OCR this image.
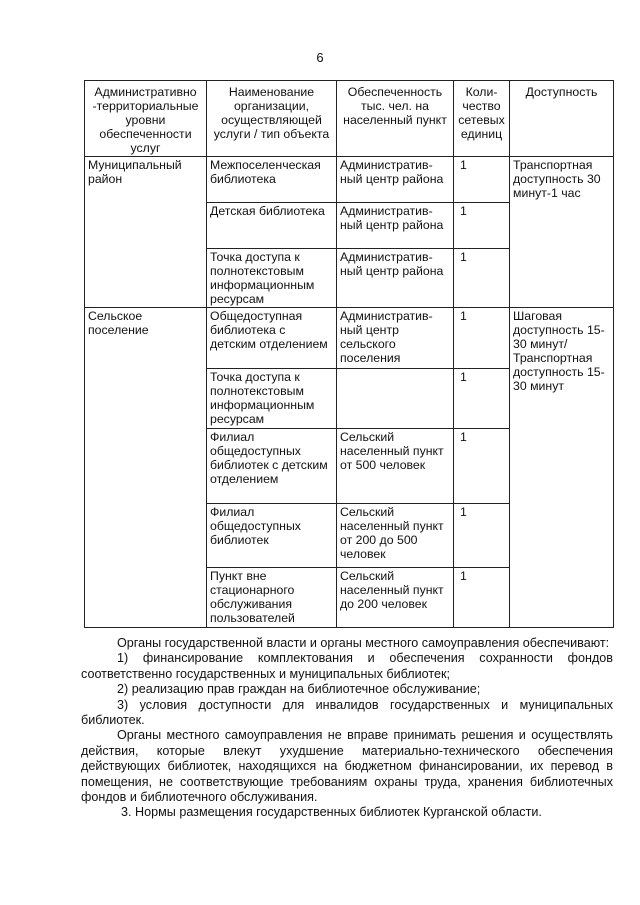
6
Административно -территориальные уровни обеспеченности услуг	Наименование организации, осуществляющей услуги / тип объекта	Обеспеченность тыс. чел. на населенный пункт	Коли-чество сетевых единиц	Доступность
Муниципальный район	Межпоселенческая библиотека	Административ-ный центр района	1	Транспортная доступность 30 минут-1 час
	Детская библиотека	Административ-ный центр района	1	
	Точка доступа к полнотекстовым информационным ресурсам	Административ-ный центр района	1	
Сельское поселение	Общедоступная библиотека с детским отделением	Административ-ный центр сельского поселения	1	Шаговая доступность 15-30 минут/ Транспортная доступность 15-30 минут
	Точка доступа к полнотекстовым информационным ресурсам		1	
	Филиал общедоступных библиотек с детским отделением	Сельский населенный пункт от 500 человек	1	
	Филиал общедоступных библиотек	Сельский населенный пункт от 200 до 500 человек	1	
	Пункт вне стационарного обслуживания пользователей	Сельский населенный пункт до 200 человек	1	

Органы государственной власти и органы местного самоуправления обеспечивают:

1) финансирование комплектования и обеспечения сохранности фондов соответственно государственных и муниципальных библиотек;

2) реализацию прав граждан на библиотечное обслуживание;

3) условия доступности для инвалидов государственных и муниципальных библиотек.

Органы местного самоуправления не вправе принимать решения и осуществлять действия, которые влекут ухудшение материально-технического обеспечения действующих библиотек, находящихся на бюджетном финансировании, их перевод в помещения, не соответствующие требованиям охраны труда, хранения библиотечных фондов и библиотечного обслуживания.

3. Нормы размещения государственных библиотек Курганской области.
